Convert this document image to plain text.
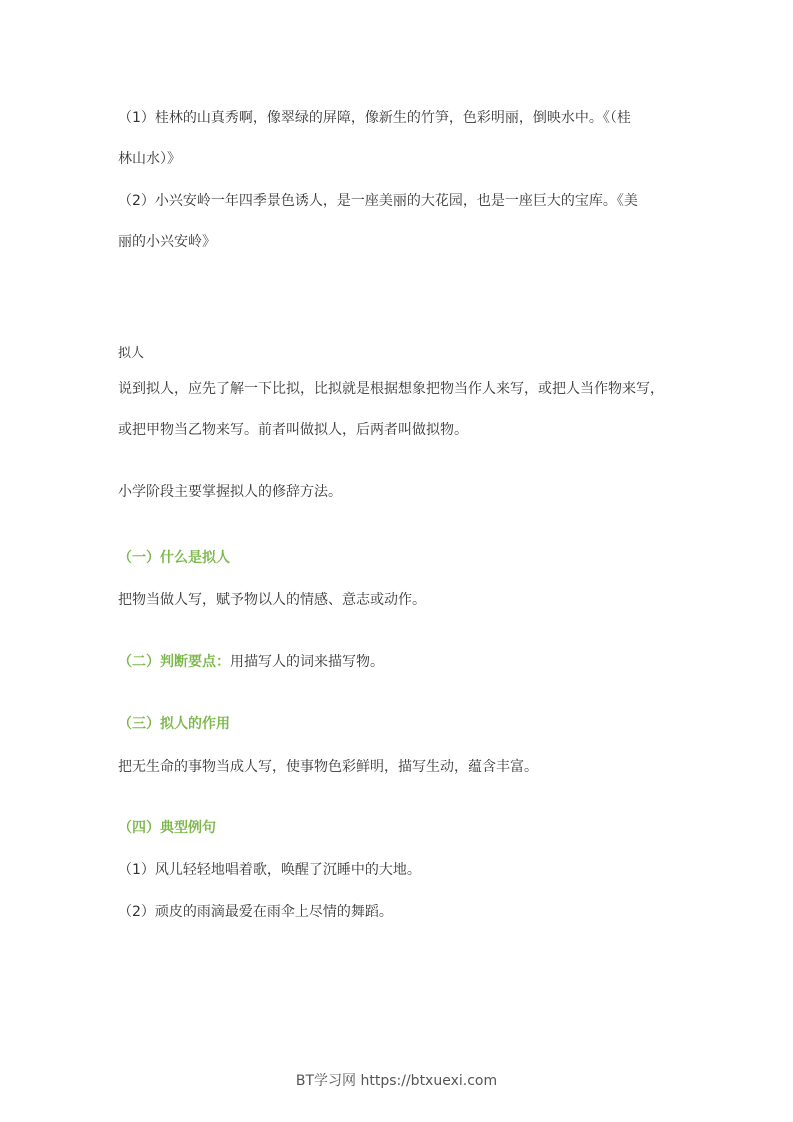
（1）桂林的山真秀啊，像翠绿的屏障，像新生的竹笋，色彩明丽，倒映水中。《（桂
林山水）》
（2）小兴安岭一年四季景色诱人，是一座美丽的大花园，也是一座巨大的宝库。《美
丽的小兴安岭》
拟人
说到拟人，应先了解一下比拟，比拟就是根据想象把物当作人来写，或把人当作物来写，
或把甲物当乙物来写。前者叫做拟人，后两者叫做拟物。
小学阶段主要掌握拟人的修辞方法。
（一）什么是拟人
把物当做人写，赋予物以人的情感、意志或动作。
（二）判断要点：用描写人的词来描写物。
（三）拟人的作用
把无生命的事物当成人写，使事物色彩鲜明，描写生动，蕴含丰富。
（四）典型例句
（1）风儿轻轻地唱着歌，唤醒了沉睡中的大地。
（2）顽皮的雨滴最爱在雨伞上尽情的舞蹈。
BT学习网 https://btxuexi.com
